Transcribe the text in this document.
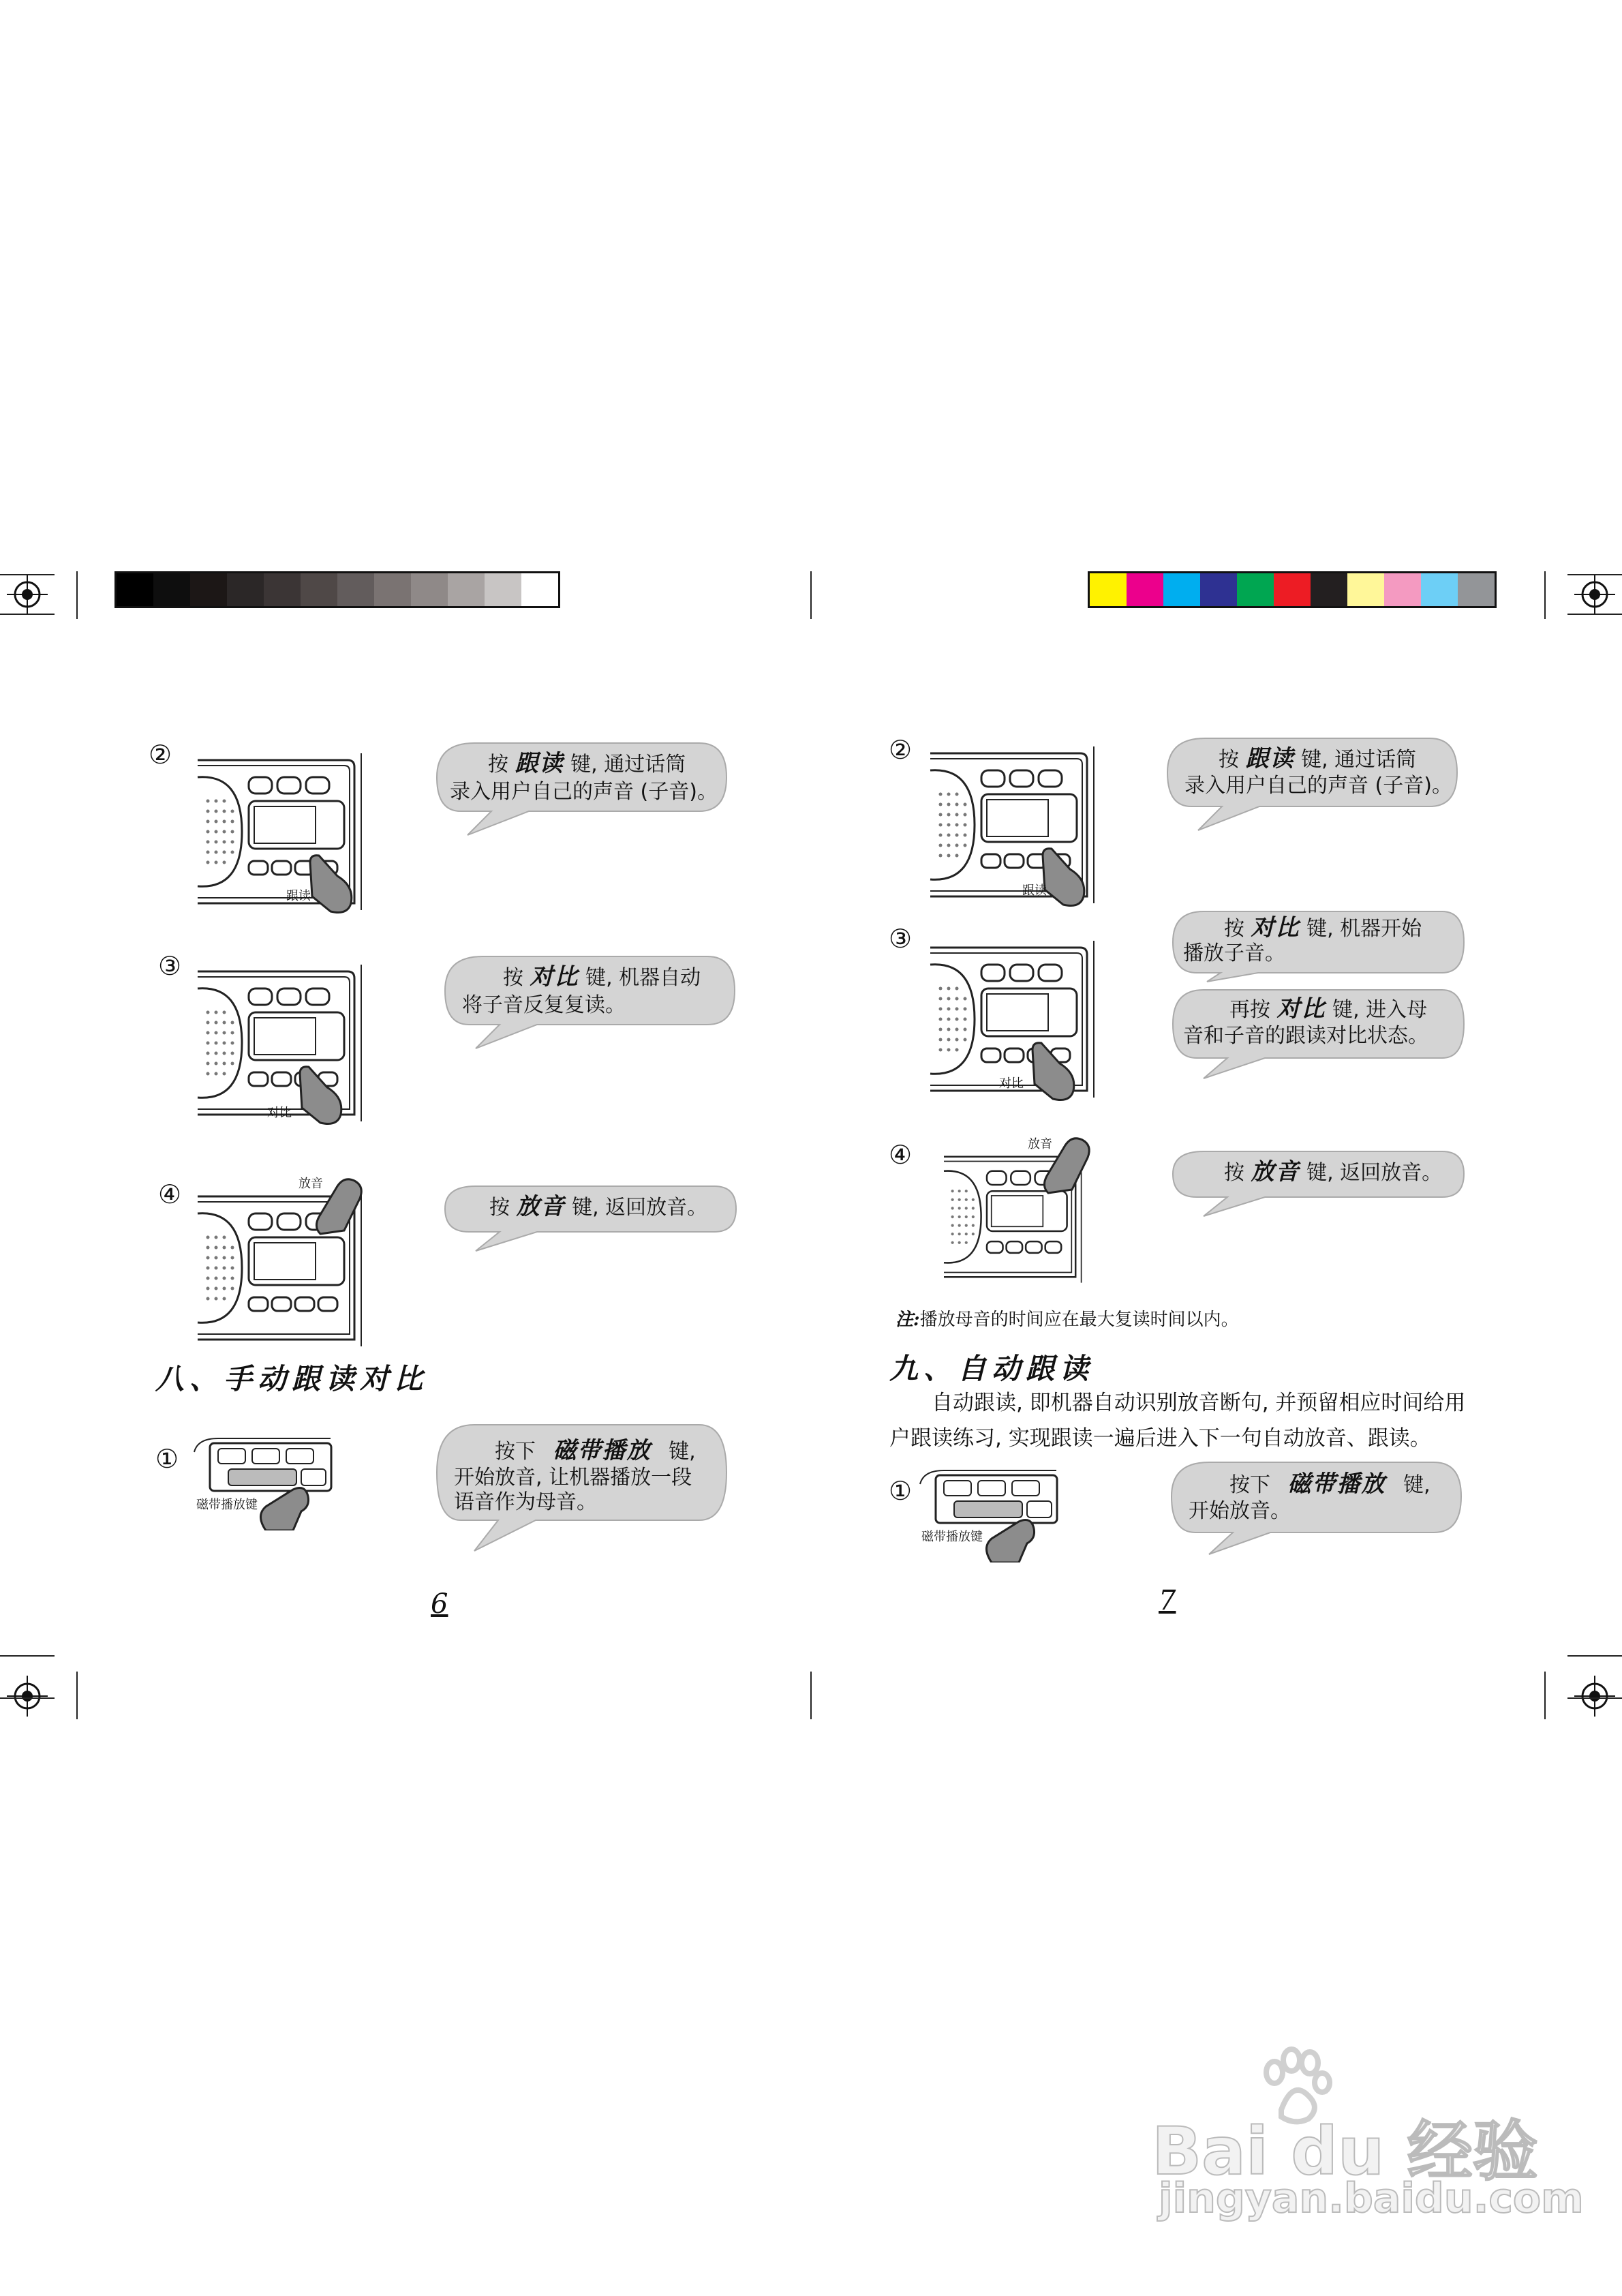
②
跟读
按 跟读 键, 通过话筒
录入用户自己的声音 (子音)。
③
对比
按 对比 键, 机器自动
将子音反复复读。
④	放音
按 放音 键, 返回放音。
八、手动跟读对比
①
磁带播放键
按下 磁带播放 键,
开始放音, 让机器播放一段
语音作为母音。
6
②
跟读
按 跟读 键, 通过话筒
录入用户自己的声音 (子音)。
③
对比
按 对比 键, 机器开始
播放子音。
再按 对比 键, 进入母
音和子音的跟读对比状态。
④	放音
按 放音 键, 返回放音。
注:播放母音的时间应在最大复读时间以内。
九、自动跟读
自动跟读, 即机器自动识别放音断句, 并预留相应时间给用户跟读练习, 实现跟读一遍后进入下一句自动放音、跟读。
①
磁带播放键
按下 磁带播放 键,
开始放音。
7
Bai du 经验
jingyan.baidu.com
